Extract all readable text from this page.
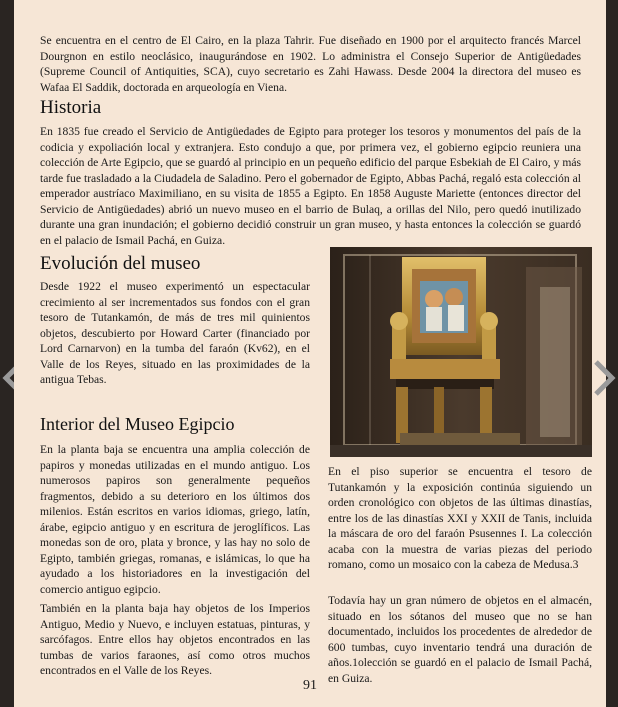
Se encuentra en el centro de El Cairo, en la plaza Tahrir. Fue diseñado en 1900 por el arquitecto francés Marcel Dourgnon en estilo neoclásico, inaugurándose en 1902. Lo administra el Consejo Superior de Antigüedades (Supreme Council of Antiquities, SCA), cuyo secretario es Zahi Hawass. Desde 2004 la directora del museo es Wafaa El Saddik, doctorada en arqueología en Viena.

Historia

En 1835 fue creado el Servicio de Antigüedades de Egipto para proteger los tesoros y monumentos del país de la codicia y expoliación local y extranjera. Esto condujo a que, por primera vez, el gobierno egipcio reuniera una colección de Arte Egipcio, que se guardó al principio en un pequeño edificio del parque Esbekiah de El Cairo, y más tarde fue trasladado a la Ciudadela de Saladino. Pero el gobernador de Egipto, Abbas Pachá, regaló esta colección al emperador austríaco Maximiliano, en su visita de 1855 a Egipto. En 1858 Auguste Mariette (entonces director del Servicio de Antigüedades) abrió un nuevo museo en el barrio de Bulaq, a orillas del Nilo, pero quedó inutilizado durante una gran inundación; el gobierno decidió construir un gran museo, y hasta entonces la colección se guardó en el palacio de Ismail Pachá, en Guiza.

Evolución del museo

Desde 1922 el museo experimentó un espectacular crecimiento al ser incrementados sus fondos con el gran tesoro de Tutankamón, de más de tres mil quinientos objetos, descubierto por Howard Carter (financiado por Lord Carnarvon) en la tumba del faraón (Kv62), en el Valle de los Reyes, situado en las proximidades de la antigua Tebas.

Interior del Museo Egipcio

En la planta baja se encuentra una amplia colección de papiros y monedas utilizadas en el mundo antiguo. Los numerosos papiros son generalmente pequeños fragmentos, debido a su deterioro en los últimos dos milenios. Están escritos en varios idiomas, griego, latín, árabe, egipcio antiguo y en escritura de jeroglíficos. Las monedas son de oro, plata y bronce, y las hay no solo de Egipto, también griegas, romanas, e islámicas, lo que ha ayudado a los historiadores en la investigación del comercio antiguo egipcio.

También en la planta baja hay objetos de los Imperios Antiguo, Medio y Nuevo, e incluyen estatuas, pinturas, y sarcófagos. Entre ellos hay objetos encontrados en las tumbas de varios faraones, así como otros muchos encontrados en el Valle de los Reyes.

En el piso superior se encuentra el tesoro de Tutankamón y la exposición continúa siguiendo un orden cronológico con objetos de las últimas dinastías, entre los de las dinastías XXI y XXII de Tanis, incluida la máscara de oro del faraón Psusennes I. La colección acaba con la muestra de varias piezas del periodo romano, como un mosaico con la cabeza de Medusa.3

Todavía hay un gran número de objetos en el almacén, situado en los sótanos del museo que no se han documentado, incluidos los procedentes de alrededor de 600 tumbas, cuyo inventario tendrá una duración de años.1olección se guardó en el palacio de Ismail Pachá, en Guiza.

91
